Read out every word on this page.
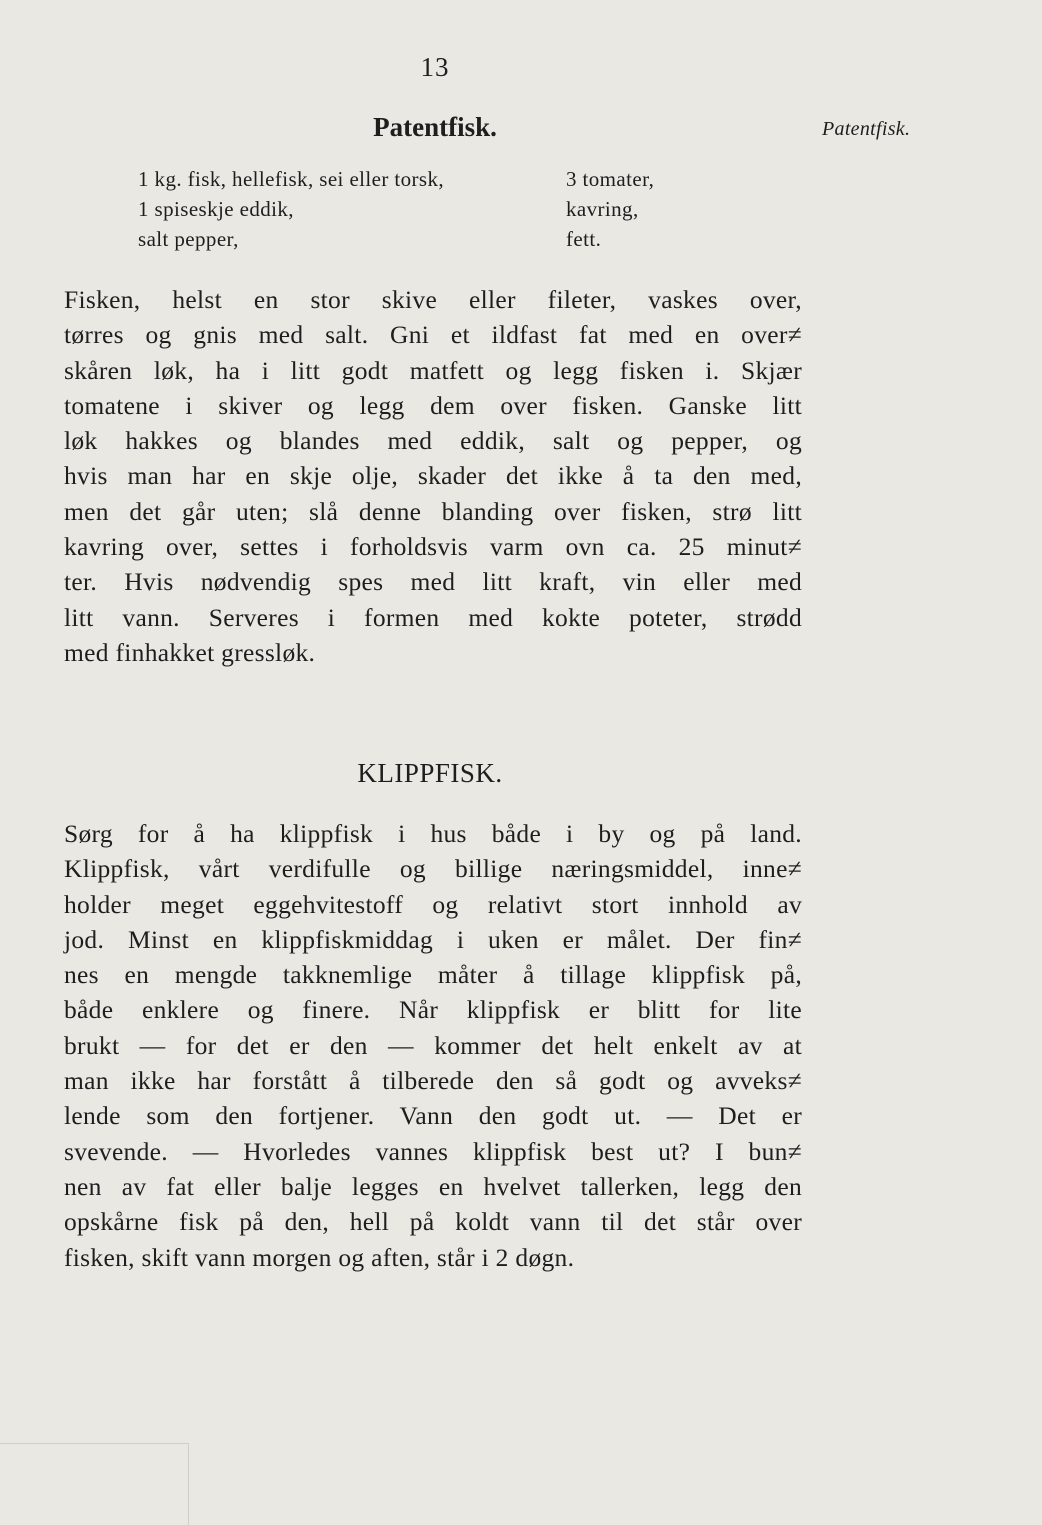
13
Patentfisk.	Patentfisk.
1 kg. fisk, hellefisk, sei eller torsk,
1 spiseskje eddik,
salt pepper,
3 tomater,
kavring,
fett.
Fisken, helst en stor skive eller fileter, vaskes over,
tørres og gnis med salt. Gni et ildfast fat med en over≠
skåren løk, ha i litt godt matfett og legg fisken i. Skjær
tomatene i skiver og legg dem over fisken. Ganske litt
løk hakkes og blandes med eddik, salt og pepper, og
hvis man har en skje olje, skader det ikke å ta den med,
men det går uten; slå denne blanding over fisken, strø litt
kavring over, settes i forholdsvis varm ovn ca. 25 minut≠
ter. Hvis nødvendig spes med litt kraft, vin eller med
litt vann. Serveres i formen med kokte poteter, strødd
med finhakket gressløk.
KLIPPFISK.
Sørg for å ha klippfisk i hus både i by og på land.
Klippfisk, vårt verdifulle og billige næringsmiddel, inne≠
holder meget eggehvitestoff og relativt stort innhold av
jod. Minst en klippfiskmiddag i uken er målet. Der fin≠
nes en mengde takknemlige måter å tillage klippfisk på,
både enklere og finere. Når klippfisk er blitt for lite
brukt — for det er den — kommer det helt enkelt av at
man ikke har forstått å tilberede den så godt og avveks≠
lende som den fortjener. Vann den godt ut. — Det er
svevende. — Hvorledes vannes klippfisk best ut? I bun≠
nen av fat eller balje legges en hvelvet tallerken, legg den
opskårne fisk på den, hell på koldt vann til det står over
fisken, skift vann morgen og aften, står i 2 døgn.
